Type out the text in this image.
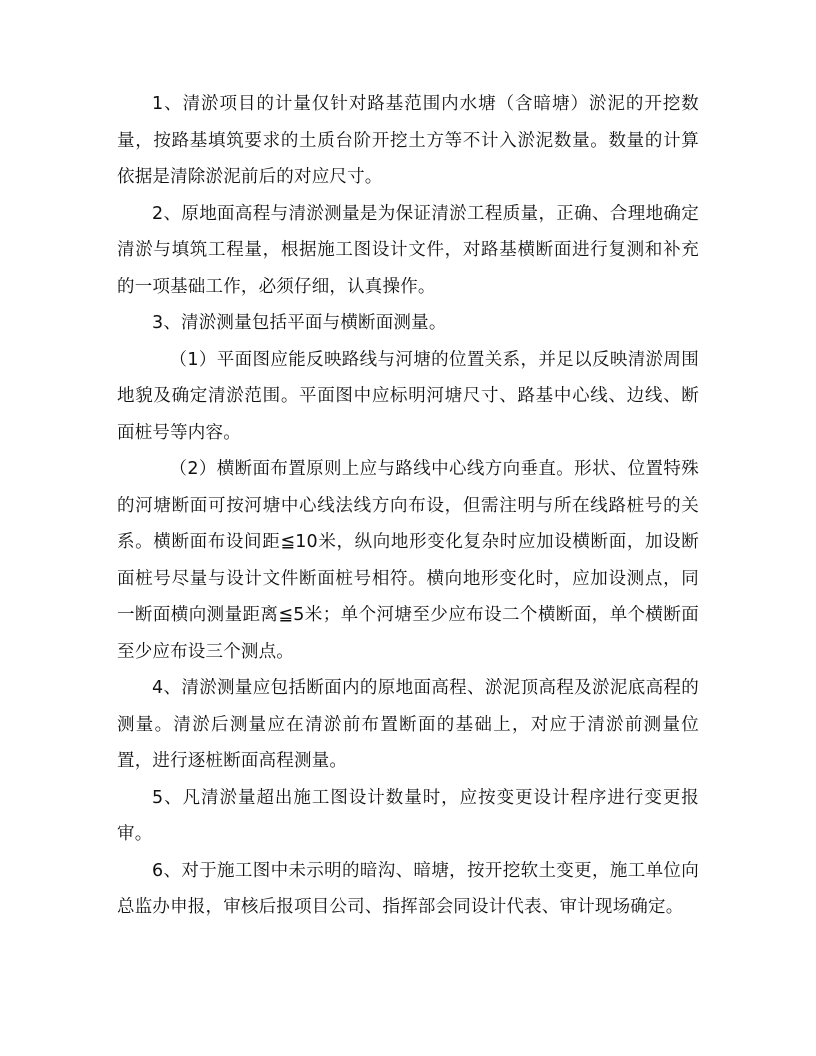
1、清淤项目的计量仅针对路基范围内水塘（含暗塘）淤泥的开挖数量，按路基填筑要求的土质台阶开挖土方等不计入淤泥数量。数量的计算依据是清除淤泥前后的对应尺寸。

2、原地面高程与清淤测量是为保证清淤工程质量，正确、合理地确定清淤与填筑工程量，根据施工图设计文件，对路基横断面进行复测和补充的一项基础工作，必须仔细，认真操作。

3、清淤测量包括平面与横断面测量。

（1）平面图应能反映路线与河塘的位置关系，并足以反映清淤周围地貌及确定清淤范围。平面图中应标明河塘尺寸、路基中心线、边线、断面桩号等内容。

（2）横断面布置原则上应与路线中心线方向垂直。形状、位置特殊的河塘断面可按河塘中心线法线方向布设，但需注明与所在线路桩号的关系。横断面布设间距≦10米，纵向地形变化复杂时应加设横断面，加设断面桩号尽量与设计文件断面桩号相符。横向地形变化时，应加设测点，同一断面横向测量距离≦5米；单个河塘至少应布设二个横断面，单个横断面至少应布设三个测点。

4、清淤测量应包括断面内的原地面高程、淤泥顶高程及淤泥底高程的测量。清淤后测量应在清淤前布置断面的基础上，对应于清淤前测量位置，进行逐桩断面高程测量。

5、凡清淤量超出施工图设计数量时，应按变更设计程序进行变更报审。

6、对于施工图中未示明的暗沟、暗塘，按开挖软土变更，施工单位向总监办申报，审核后报项目公司、指挥部会同设计代表、审计现场确定。
